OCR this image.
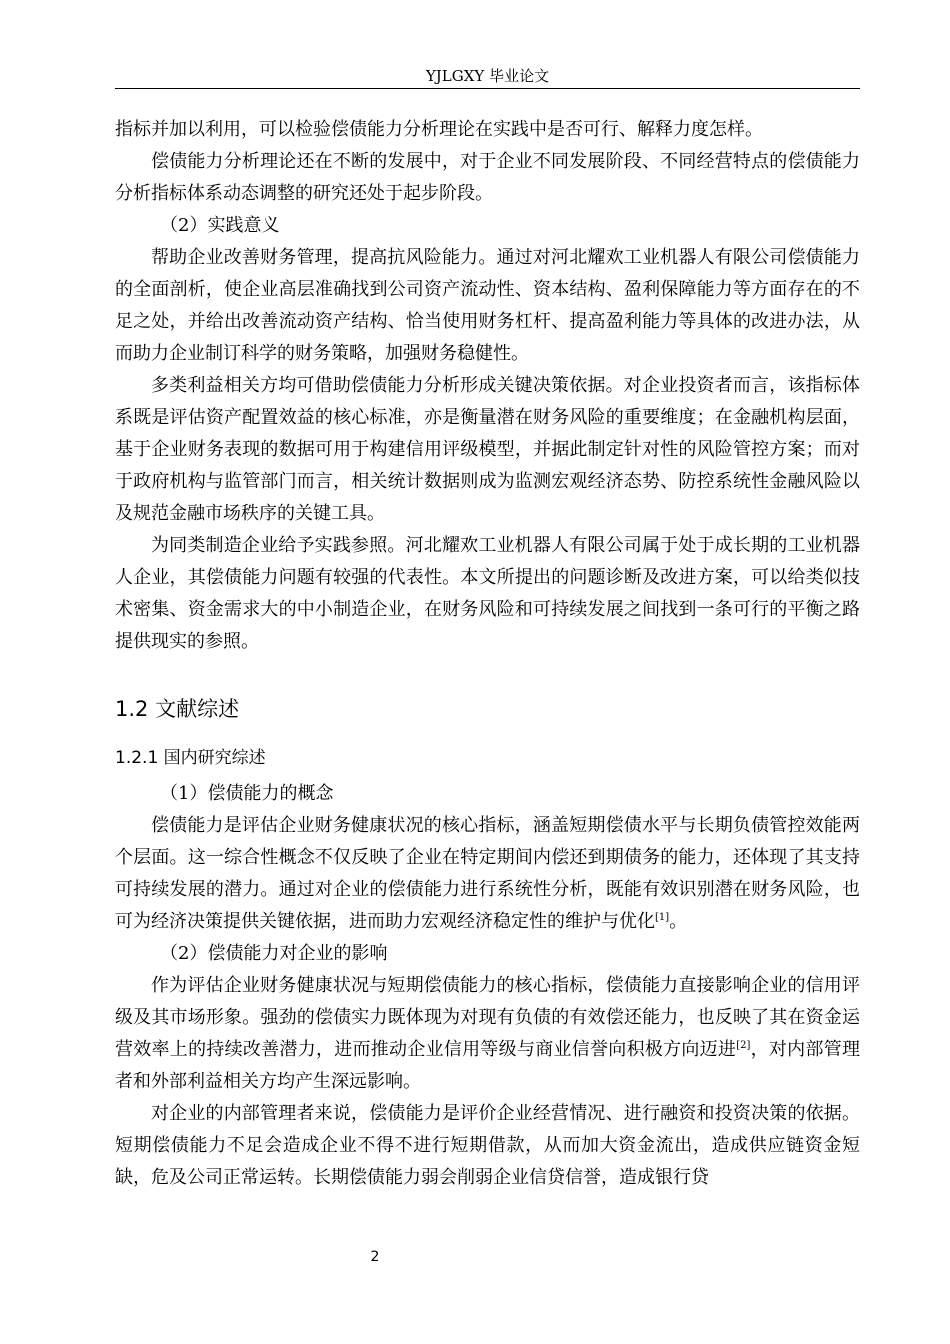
YJLGXY 毕业论文

指标并加以利用，可以检验偿债能力分析理论在实践中是否可行、解释力度怎样。

偿债能力分析理论还在不断的发展中，对于企业不同发展阶段、不同经营特点的偿债能力分析指标体系动态调整的研究还处于起步阶段。

（2）实践意义

帮助企业改善财务管理，提高抗风险能力。通过对河北耀欢工业机器人有限公司偿债能力的全面剖析，使企业高层准确找到公司资产流动性、资本结构、盈利保障能力等方面存在的不足之处，并给出改善流动资产结构、恰当使用财务杠杆、提高盈利能力等具体的改进办法，从而助力企业制订科学的财务策略，加强财务稳健性。

多类利益相关方均可借助偿债能力分析形成关键决策依据。对企业投资者而言，该指标体系既是评估资产配置效益的核心标准，亦是衡量潜在财务风险的重要维度；在金融机构层面，基于企业财务表现的数据可用于构建信用评级模型，并据此制定针对性的风险管控方案；而对于政府机构与监管部门而言，相关统计数据则成为监测宏观经济态势、防控系统性金融风险以及规范金融市场秩序的关键工具。

为同类制造企业给予实践参照。河北耀欢工业机器人有限公司属于处于成长期的工业机器人企业，其偿债能力问题有较强的代表性。本文所提出的问题诊断及改进方案，可以给类似技术密集、资金需求大的中小制造企业，在财务风险和可持续发展之间找到一条可行的平衡之路提供现实的参照。

1.2 文献综述
1.2.1 国内研究综述

（1）偿债能力的概念

偿债能力是评估企业财务健康状况的核心指标，涵盖短期偿债水平与长期负债管控效能两个层面。这一综合性概念不仅反映了企业在特定期间内偿还到期债务的能力，还体现了其支持可持续发展的潜力。通过对企业的偿债能力进行系统性分析，既能有效识别潜在财务风险，也可为经济决策提供关键依据，进而助力宏观经济稳定性的维护与优化[1]。

（2）偿债能力对企业的影响

作为评估企业财务健康状况与短期偿债能力的核心指标，偿债能力直接影响企业的信用评级及其市场形象。强劲的偿债实力既体现为对现有负债的有效偿还能力，也反映了其在资金运营效率上的持续改善潜力，进而推动企业信用等级与商业信誉向积极方向迈进[2]，对内部管理者和外部利益相关方均产生深远影响。

对企业的内部管理者来说，偿债能力是评价企业经营情况、进行融资和投资决策的依据。短期偿债能力不足会造成企业不得不进行短期借款，从而加大资金流出，造成供应链资金短缺，危及公司正常运转。长期偿债能力弱会削弱企业信贷信誉，造成银行贷

2
